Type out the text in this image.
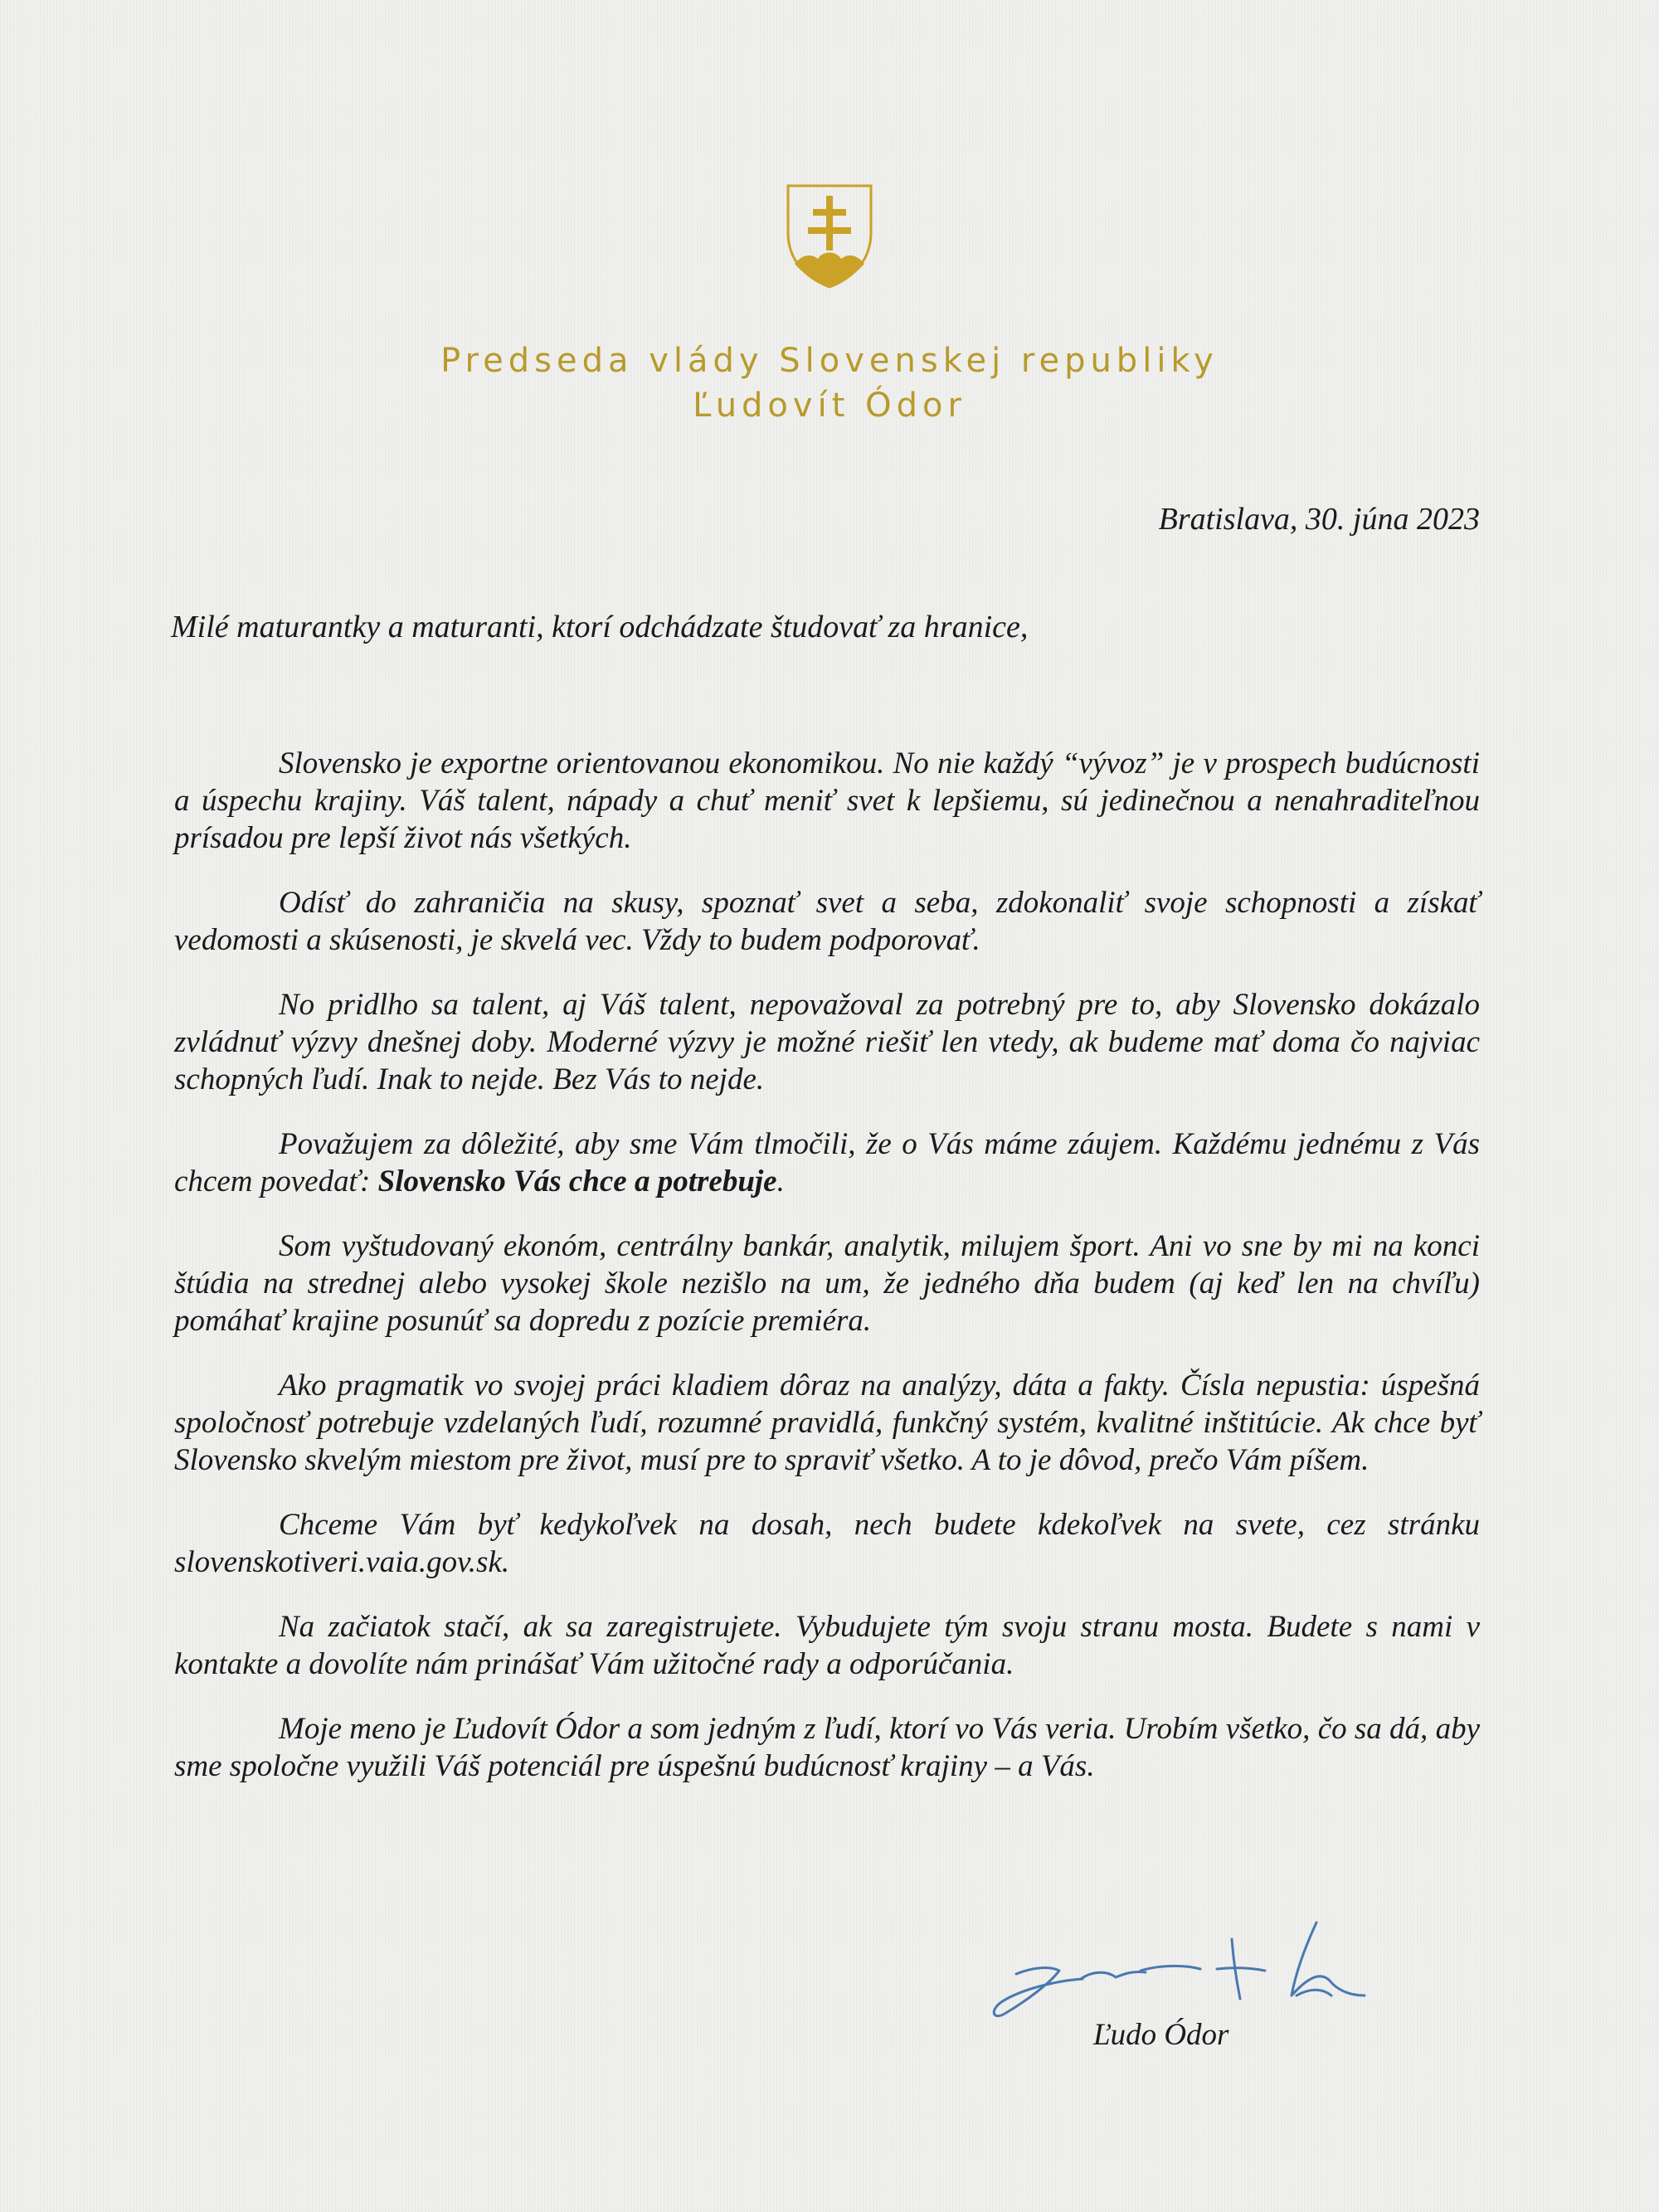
Predseda vlády Slovenskej republiky
Ľudovít Ódor
Bratislava, 30. júna 2023
Milé maturantky a maturanti, ktorí odchádzate študovať za hranice,

Slovensko je exportne orientovanou ekonomikou. No nie každý “vývoz” je v prospech budúcnosti a úspechu krajiny. Váš talent, nápady a chuť meniť svet k lepšiemu, sú jedinečnou a nenahraditeľnou prísadou pre lepší život nás všetkých.

Odísť do zahraničia na skusy, spoznať svet a seba, zdokonaliť svoje schopnosti a získať vedomosti a skúsenosti, je skvelá vec. Vždy to budem podporovať.

No pridlho sa talent, aj Váš talent, nepovažoval za potrebný pre to, aby Slovensko dokázalo zvládnuť výzvy dnešnej doby. Moderné výzvy je možné riešiť len vtedy, ak budeme mať doma čo najviac schopných ľudí. Inak to nejde. Bez Vás to nejde.

Považujem za dôležité, aby sme Vám tlmočili, že o Vás máme záujem. Každému jednému z Vás chcem povedať: Slovensko Vás chce a potrebuje.

Som vyštudovaný ekonóm, centrálny bankár, analytik, milujem šport. Ani vo sne by mi na konci štúdia na strednej alebo vysokej škole nezišlo na um, že jedného dňa budem (aj keď len na chvíľu) pomáhať krajine posunúť sa dopredu z pozície premiéra.

Ako pragmatik vo svojej práci kladiem dôraz na analýzy, dáta a fakty. Čísla nepustia: úspešná spoločnosť potrebuje vzdelaných ľudí, rozumné pravidlá, funkčný systém, kvalitné inštitúcie. Ak chce byť Slovensko skvelým miestom pre život, musí pre to spraviť všetko. A to je dôvod, prečo Vám píšem.

Chceme Vám byť kedykoľvek na dosah, nech budete kdekoľvek na svete, cez stránku slovenskotiveri.vaia.gov.sk.

Na začiatok stačí, ak sa zaregistrujete. Vybudujete tým svoju stranu mosta. Budete s nami v kontakte a dovolíte nám prinášať Vám užitočné rady a odporúčania.

Moje meno je Ľudovít Ódor a som jedným z ľudí, ktorí vo Vás veria. Urobím všetko, čo sa dá, aby sme spoločne využili Váš potenciál pre úspešnú budúcnosť krajiny – a Vás.

Ľudo Ódor
